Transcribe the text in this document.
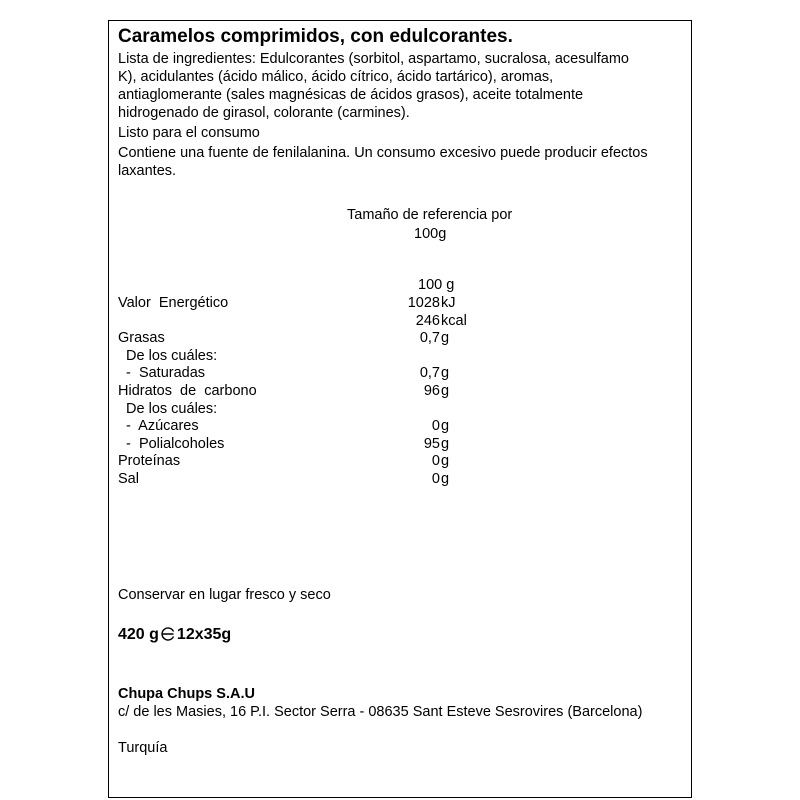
Caramelos comprimidos, con edulcorantes.
Lista de ingredientes: Edulcorantes (sorbitol, aspartamo, sucralosa, acesulfamo
K), acidulantes (ácido málico, ácido cítrico, ácido tartárico), aromas,
antiaglomerante (sales magnésicas de ácidos grasos), aceite totalmente
hidrogenado de girasol, colorante (carmines).
Listo para el consumo
Contiene una fuente de fenilalanina. Un consumo excesivo puede producir efectos
laxantes.
Tamaño de referencia por
100g
100 g
Valor  Energético	1028 kJ
246 kcal
Grasas	0,7 g
De los cuáles:
-  Saturadas	0,7 g
Hidratos  de  carbono	96 g
De los cuáles:
-  Azúcares	0 g
-  Polialcoholes	95 g
Proteínas	0 g
Sal	0 g
Conservar en lugar fresco y seco
420 g 12x35g
Chupa Chups S.A.U
c/ de les Masies, 16 P.I. Sector Serra - 08635 Sant Esteve Sesrovires (Barcelona)
Turquía
